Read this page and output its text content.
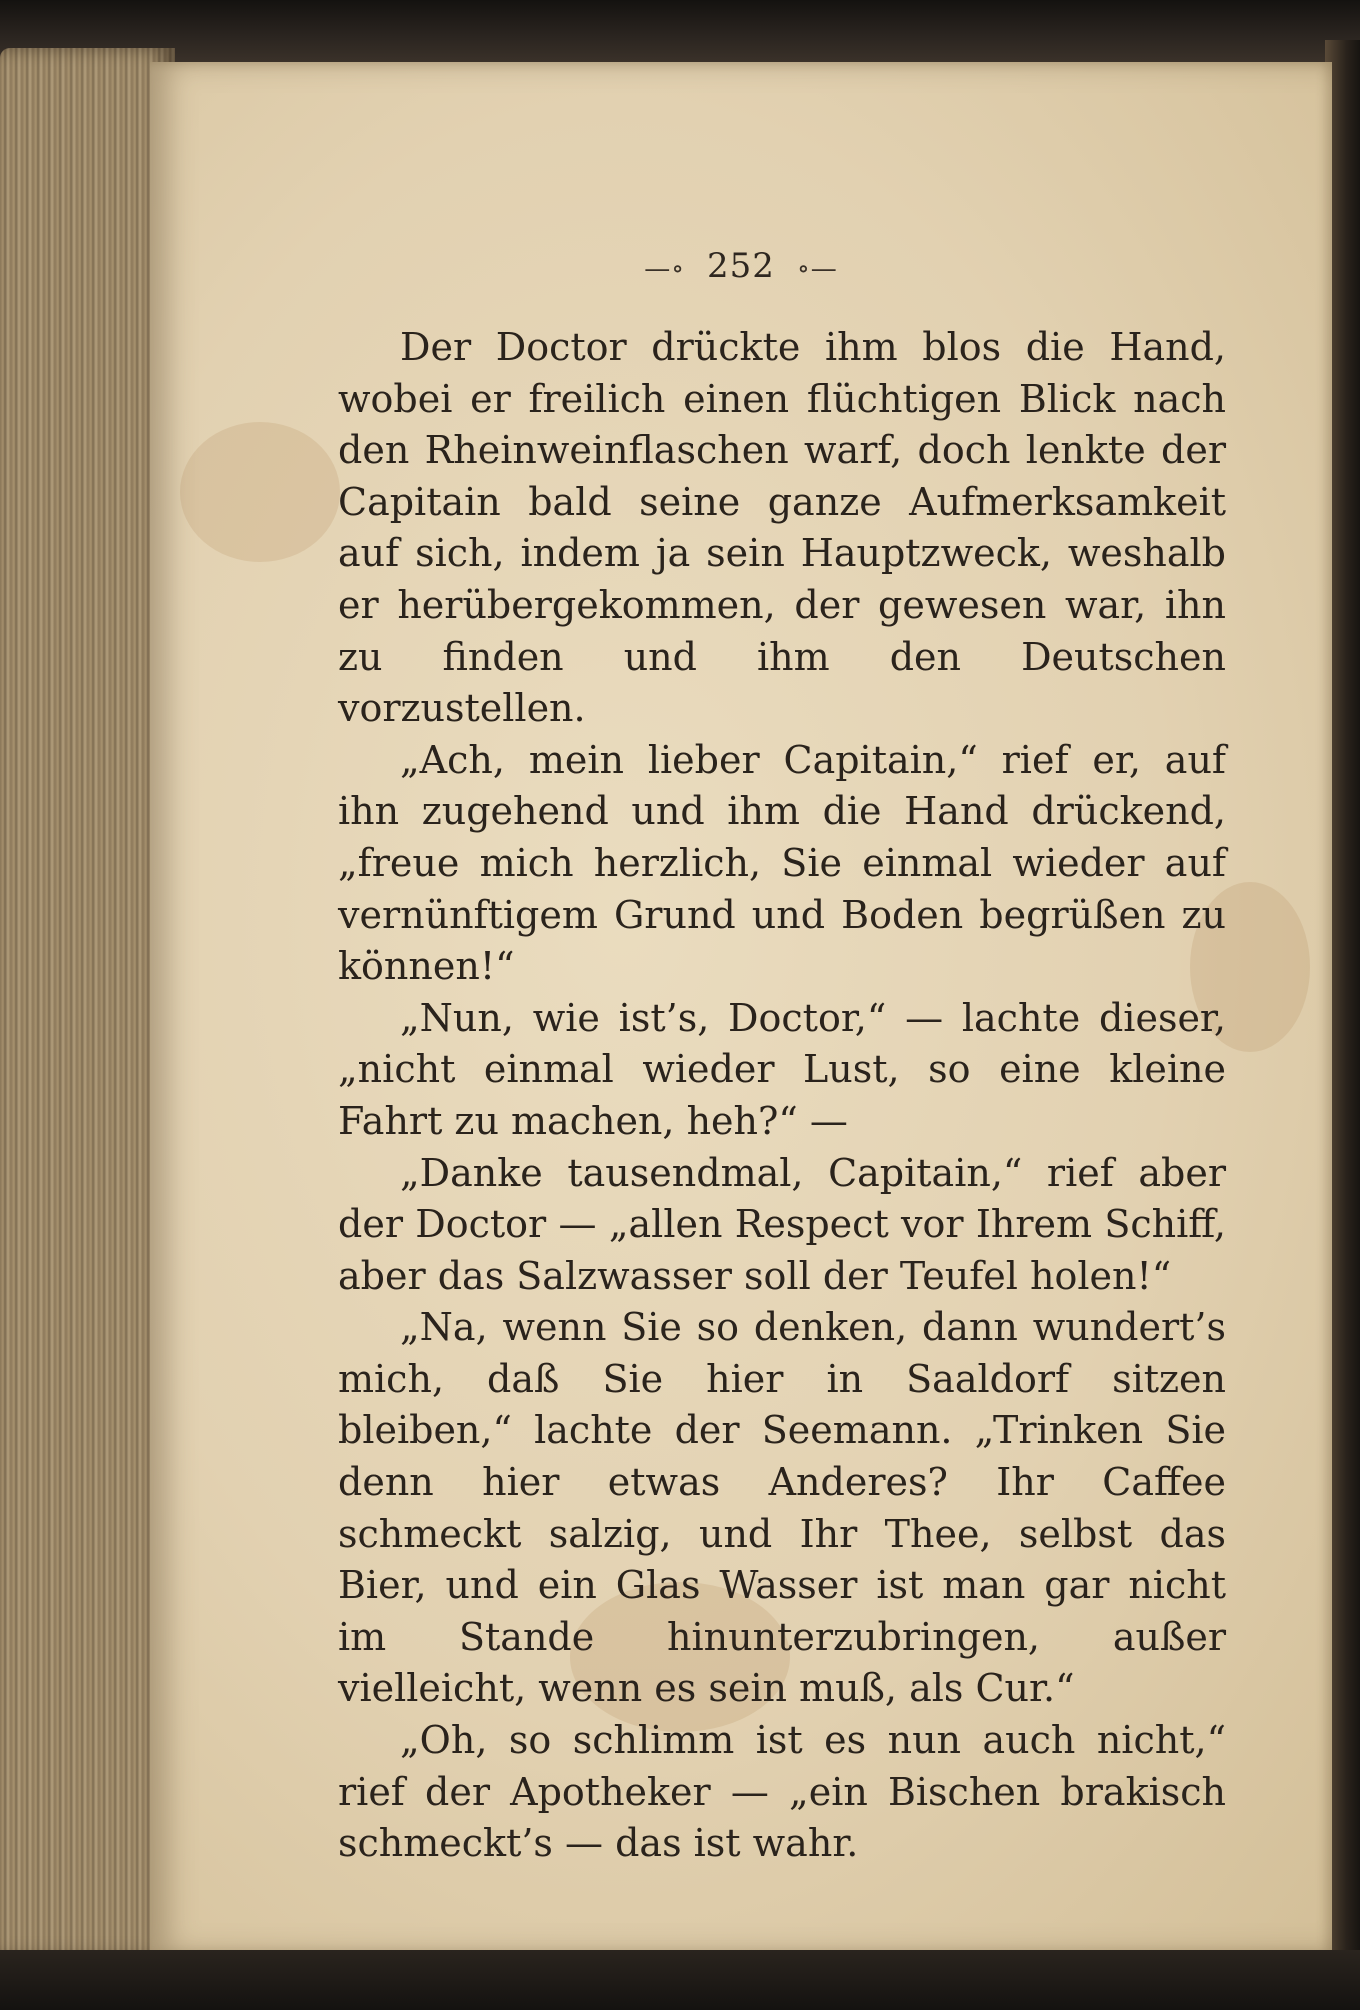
—∘ 252 ∘—

Der Doctor drückte ihm blos die Hand, wobei er freilich einen flüchtigen Blick nach den Rheinweinflaschen warf, doch lenkte der Capitain bald seine ganze Aufmerksamkeit auf sich, indem ja sein Hauptzweck, weshalb er herübergekommen, der gewesen war, ihn zu finden und ihm den Deutschen vorzustellen.

„Ach, mein lieber Capitain,“ rief er, auf ihn zugehend und ihm die Hand drückend, „freue mich herzlich, Sie einmal wieder auf vernünftigem Grund und Boden begrüßen zu können!“

„Nun, wie ist’s, Doctor,“ — lachte dieser, „nicht einmal wieder Lust, so eine kleine Fahrt zu machen, heh?“ —

„Danke tausendmal, Capitain,“ rief aber der Doctor — „allen Respect vor Ihrem Schiff, aber das Salzwasser soll der Teufel holen!“

„Na, wenn Sie so denken, dann wundert’s mich, daß Sie hier in Saaldorf sitzen bleiben,“ lachte der Seemann. „Trinken Sie denn hier etwas Anderes? Ihr Caffee schmeckt salzig, und Ihr Thee, selbst das Bier, und ein Glas Wasser ist man gar nicht im Stande hinunterzubringen, außer vielleicht, wenn es sein muß, als Cur.“

„Oh, so schlimm ist es nun auch nicht,“ rief der Apotheker — „ein Bischen brakisch schmeckt’s — das ist wahr.
